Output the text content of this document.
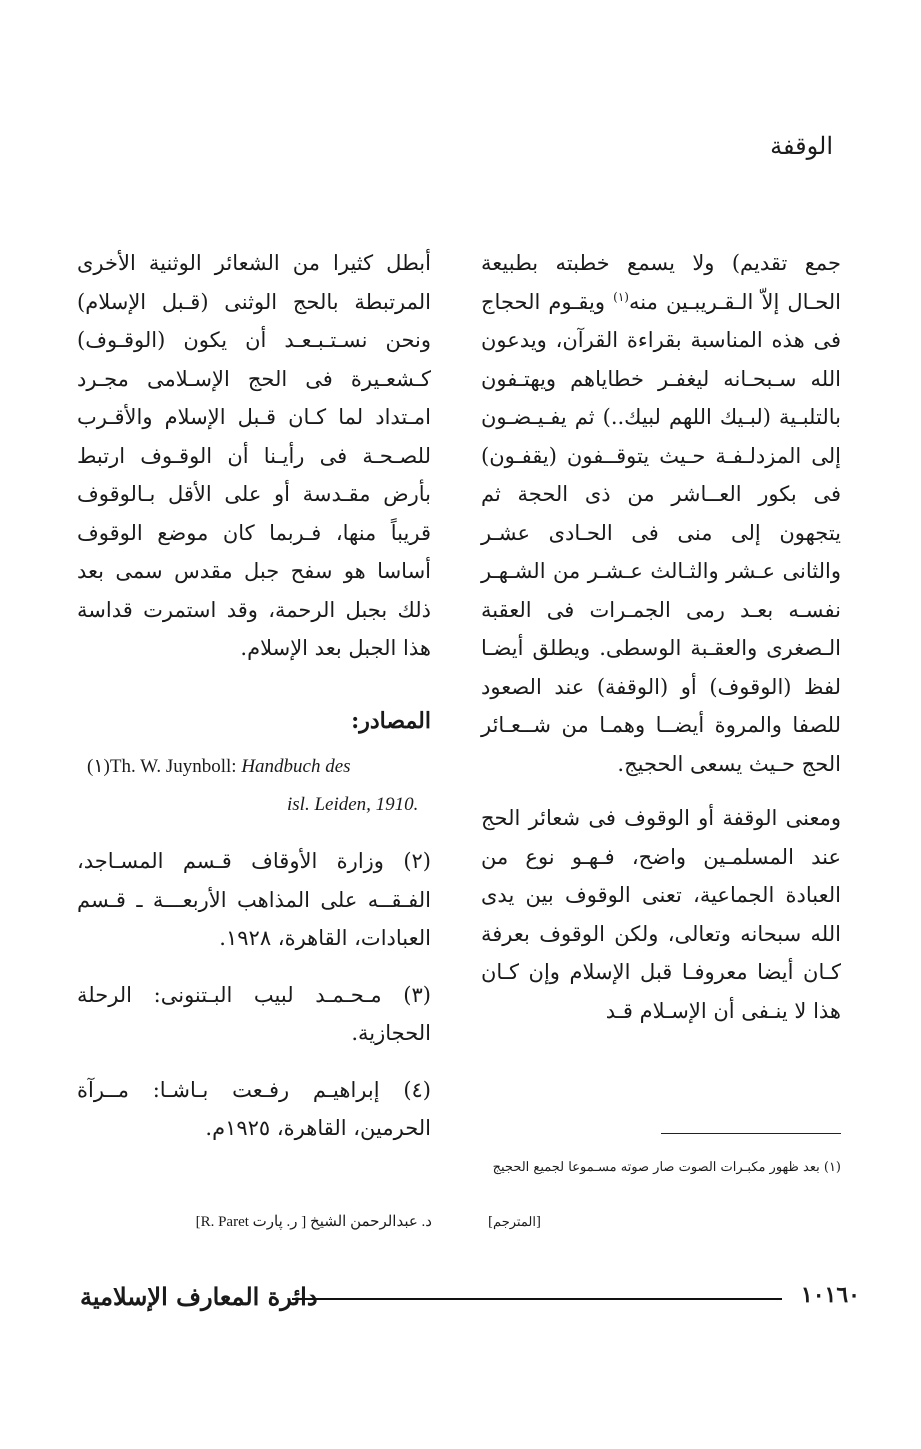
الوقفة

جمع تقديم) ولا يسمع خطبته بطبيعة الحـال إلاّ الـقـريبـين منه$^{(١)}$ ويقـوم الحجاج فى هذه المناسبة بقراءة القرآن، ويدعون الله سـبحـانه ليغفـر خطاياهم ويهتـفون بالتلبـية (لبـيك اللهم لبيك..) ثم يفـيـضـون إلى المزدلـفـة حـيث يتوقــفون (يقفـون) فى بكور العــاشر من ذى الحجة ثم يتجهون إلى منى فى الحـادى عشـر والثانى عـشر والثـالث عـشـر من الشـهـر نفسـه بعـد رمى الجمـرات فى العقبة الـصغرى والعقـبة الوسطى. ويطلق أيضـا لفظ (الوقوف) أو (الوقفة) عند الصعود للصفا والمروة أيضــا وهمـا من شــعـائر الحج حـيث يسعى الحجيج.

ومعنى الوقفة أو الوقوف فى شعائر الحج عند المسلمـين واضح، فـهـو نوع من العبادة الجماعية، تعنى الوقوف بين يدى الله سبحانه وتعالى، ولكن الوقوف بعرفة كـان أيضا معروفـا قبل الإسلام وإن كـان هذا لا ينـفى أن الإسـلام قـد

(١) بعد ظهور مكبـرات الصوت صار صوته مسـموعا لجميع الحجيج
[المترجم]

أبطل كثيرا من الشعائر الوثنية الأخرى المرتبطة بالحج الوثنى (قـبل الإسلام) ونحن نسـتـبـعـد أن يكون (الوقـوف) كـشعـيرة فى الحج الإسـلامى مجـرد امـتداد لما كـان قـبل الإسلام والأقـرب للصـحـة فى رأيـنا أن الوقـوف ارتبط بأرض مقـدسة أو على الأقل بـالوقوف قريباً منها، فـربما كان موضع الوقوف أساسا هو سفح جبل مقدس سمى بعد ذلك بجبل الرحمة، وقد استمرت قداسة هذا الجبل بعد الإسلام.

المصادر:

(١)Th. W. Juynboll: Handbuch des
isl. Leiden, 1910.

(٢) وزارة الأوقاف قـسم المسـاجد، الفـقــه على المذاهب الأربعـــة ـ قـسم العبادات، القاهرة، ١٩٢٨.

(٣) مـحـمـد لبيب البـتنونى: الرحلة الحجازية.

(٤) إبراهيـم رفـعت بـاشـا: مــرآة الحرمين، القاهرة، ١٩٢٥م.

د. عبدالرحمن الشيخ [ ر. پارت R. Paret]
دائرة المعارف الإسلامية	١٠١٦٠
